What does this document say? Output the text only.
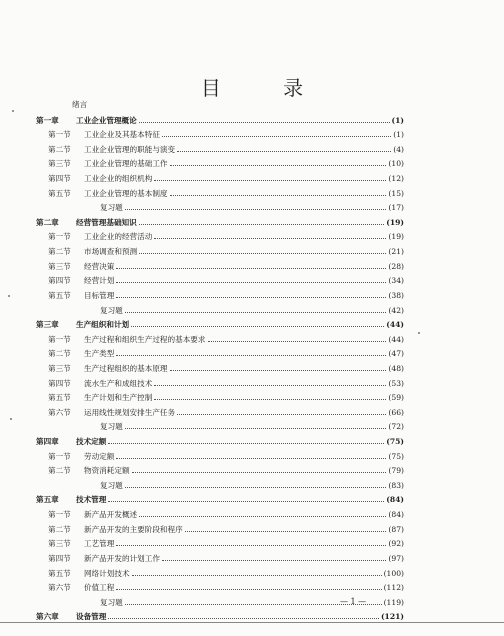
目 录
绪言
第一章	工业企业管理概论	(1)
第一节	工业企业及其基本特征	(1)
第二节	工业企业管理的职能与演变	(4)
第三节	工业企业管理的基础工作	(10)
第四节	工业企业的组织机构	(12)
第五节	工业企业管理的基本制度	(15)
复习题	(17)
第二章	经营管理基础知识	(19)
第一节	工业企业的经营活动	(19)
第二节	市场调查和预测	(21)
第三节	经营决策	(28)
第四节	经营计划	(34)
第五节	目标管理	(38)
复习题	(42)
第三章	生产组织和计划	(44)
第一节	生产过程和组织生产过程的基本要求	(44)
第二节	生产类型	(47)
第三节	生产过程组织的基本原理	(48)
第四节	流水生产和成组技术	(53)
第五节	生产计划和生产控制	(59)
第六节	运用线性规划安排生产任务	(66)
复习题	(72)
第四章	技术定额	(75)
第一节	劳动定额	(75)
第二节	物资消耗定额	(79)
复习题	(83)
第五章	技术管理	(84)
第一节	新产品开发概述	(84)
第二节	新产品开发的主要阶段和程序	(87)
第三节	工艺管理	(92)
第四节	新产品开发的计划工作	(97)
第五节	网络计划技术	(100)
第六节	价值工程	(112)
复习题	(119)
第六章	设备管理	(121)
— 1 —
